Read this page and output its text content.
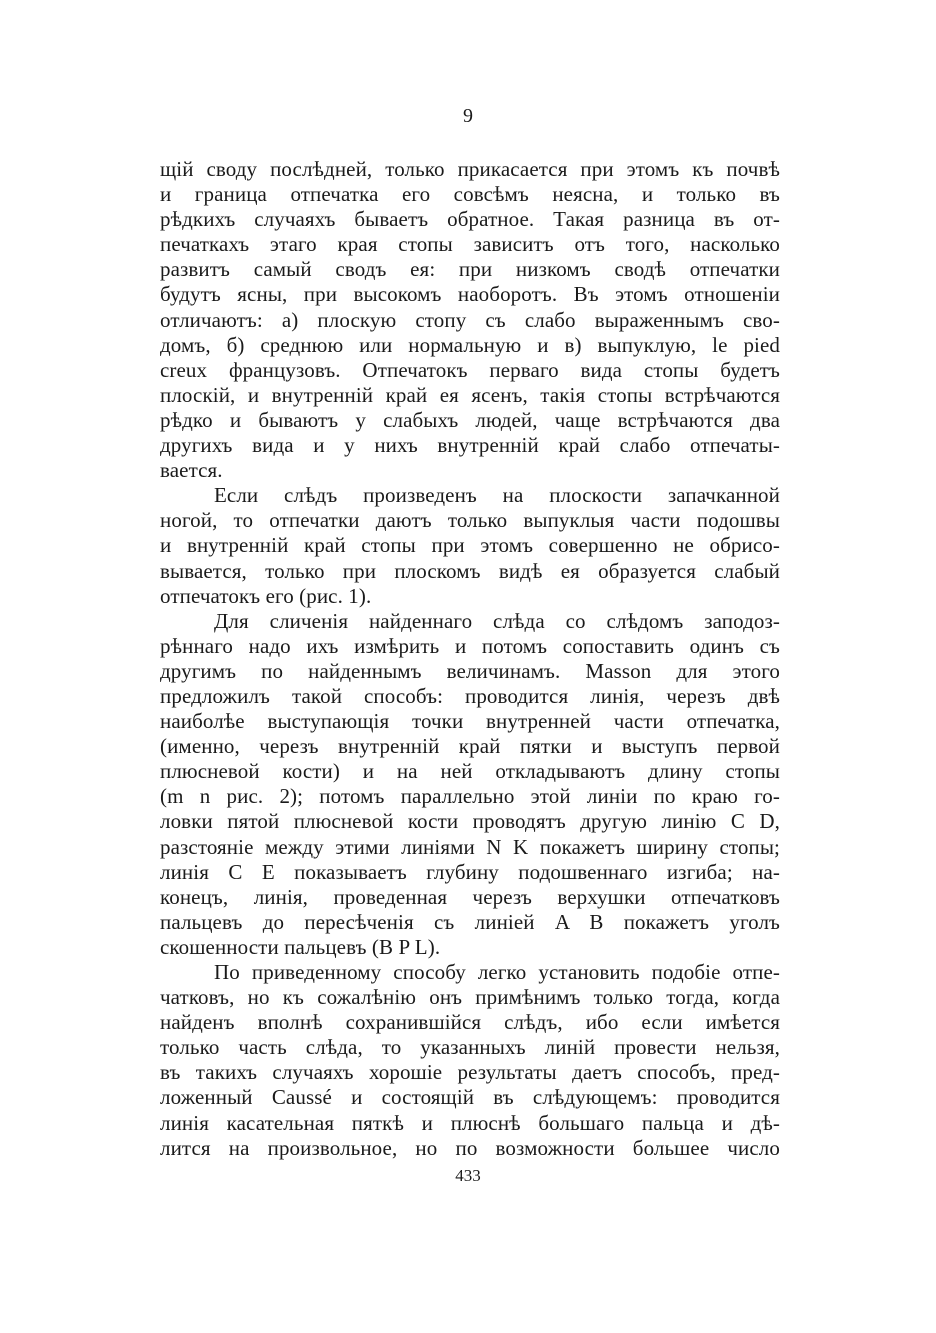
9
щій своду послѣдней, только прикасается при этомъ къ почвѣ
и граница отпечатка его совсѣмъ неясна, и только въ
рѣдкихъ случаяхъ бываетъ обратное. Такая разница въ от-
печаткахъ этаго края стопы зависитъ отъ того, насколько
развитъ самый сводъ ея: при низкомъ сводѣ отпечатки
будутъ ясны, при высокомъ наоборотъ. Въ этомъ отношеніи
отличаютъ: а) плоскую стопу съ слабо выраженнымъ сво-
домъ, б) среднюю или нормальную и в) выпуклую, le pied
creux французовъ. Отпечатокъ перваго вида стопы будетъ
плоскій, и внутренній край ея ясенъ, такія стопы встрѣчаются
рѣдко и бываютъ у слабыхъ людей, чаще встрѣчаются два
другихъ вида и у нихъ внутренній край слабо отпечаты-
вается.
Если слѣдъ произведенъ на плоскости запачканной
ногой, то отпечатки даютъ только выпуклыя части подошвы
и внутренній край стопы при этомъ совершенно не обрисо-
вывается, только при плоскомъ видѣ ея образуется слабый
отпечатокъ его (рис. 1).
Для сличенія найденнаго слѣда со слѣдомъ заподоз-
рѣннаго надо ихъ измѣрить и потомъ сопоставить одинъ съ
другимъ по найденнымъ величинамъ. Masson для этого
предложилъ такой способъ: проводится линія, черезъ двѣ
наиболѣе выступающія точки внутренней части отпечатка,
(именно, черезъ внутренній край пятки и выступъ первой
плюсневой кости) и на ней откладываютъ длину стопы
(m n рис. 2); потомъ параллельно этой линіи по краю го-
ловки пятой плюсневой кости проводятъ другую линію C D,
разстояніе между этими линіями N K покажетъ ширину стопы;
линія C E показываетъ глубину подошвеннаго изгиба; на-
конецъ, линія, проведенная черезъ верхушки отпечатковъ
пальцевъ до пересѣченія съ линіей A B покажетъ уголъ
скошенности пальцевъ (B P L).
По приведенному способу легко установить подобіе отпе-
чатковъ, но къ сожалѣнію онъ примѣнимъ только тогда, когда
найденъ вполнѣ сохранившійся слѣдъ, ибо если имѣется
только часть слѣда, то указанныхъ линій провести нельзя,
въ такихъ случаяхъ хорошіе результаты даетъ способъ, пред-
ложенный Caussé и состоящій въ слѣдующемъ: проводится
линія касательная пяткѣ и плюснѣ большаго пальца и дѣ-
лится на произвольное, но по возможности большее число
433
